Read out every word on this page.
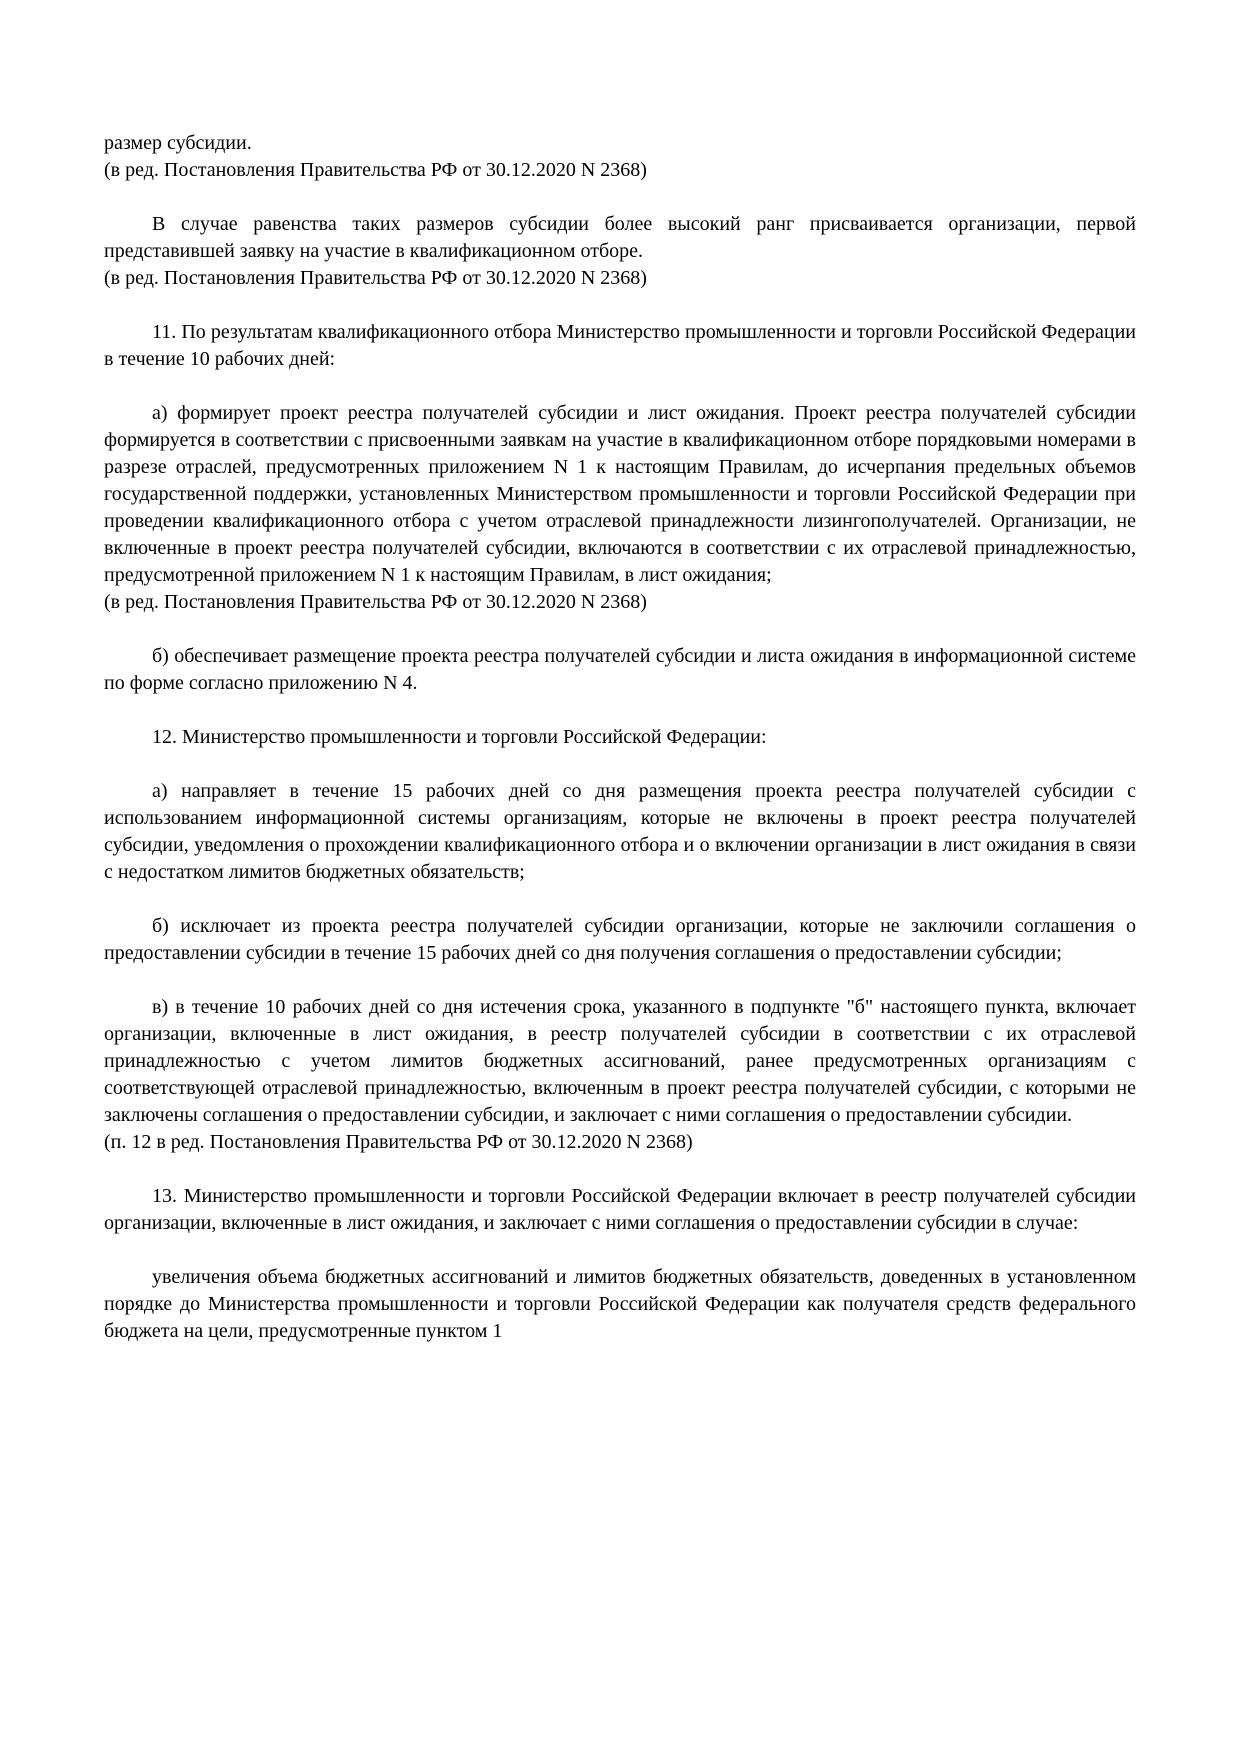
размер субсидии.

(в ред. Постановления Правительства РФ от 30.12.2020 N 2368)

В случае равенства таких размеров субсидии более высокий ранг присваивается организации, первой представившей заявку на участие в квалификационном отборе.

(в ред. Постановления Правительства РФ от 30.12.2020 N 2368)

11. По результатам квалификационного отбора Министерство промышленности и торговли Российской Федерации в течение 10 рабочих дней:

а) формирует проект реестра получателей субсидии и лист ожидания. Проект реестра получателей субсидии формируется в соответствии с присвоенными заявкам на участие в квалификационном отборе порядковыми номерами в разрезе отраслей, предусмотренных приложением N 1 к настоящим Правилам, до исчерпания предельных объемов государственной поддержки, установленных Министерством промышленности и торговли Российской Федерации при проведении квалификационного отбора с учетом отраслевой принадлежности лизингополучателей. Организации, не включенные в проект реестра получателей субсидии, включаются в соответствии с их отраслевой принадлежностью, предусмотренной приложением N 1 к настоящим Правилам, в лист ожидания;

(в ред. Постановления Правительства РФ от 30.12.2020 N 2368)

б) обеспечивает размещение проекта реестра получателей субсидии и листа ожидания в информационной системе по форме согласно приложению N 4.

12. Министерство промышленности и торговли Российской Федерации:

а) направляет в течение 15 рабочих дней со дня размещения проекта реестра получателей субсидии с использованием информационной системы организациям, которые не включены в проект реестра получателей субсидии, уведомления о прохождении квалификационного отбора и о включении организации в лист ожидания в связи с недостатком лимитов бюджетных обязательств;

б) исключает из проекта реестра получателей субсидии организации, которые не заключили соглашения о предоставлении субсидии в течение 15 рабочих дней со дня получения соглашения о предоставлении субсидии;

в) в течение 10 рабочих дней со дня истечения срока, указанного в подпункте "б" настоящего пункта, включает организации, включенные в лист ожидания, в реестр получателей субсидии в соответствии с их отраслевой принадлежностью с учетом лимитов бюджетных ассигнований, ранее предусмотренных организациям с соответствующей отраслевой принадлежностью, включенным в проект реестра получателей субсидии, с которыми не заключены соглашения о предоставлении субсидии, и заключает с ними соглашения о предоставлении субсидии.

(п. 12 в ред. Постановления Правительства РФ от 30.12.2020 N 2368)

13. Министерство промышленности и торговли Российской Федерации включает в реестр получателей субсидии организации, включенные в лист ожидания, и заключает с ними соглашения о предоставлении субсидии в случае:

увеличения объема бюджетных ассигнований и лимитов бюджетных обязательств, доведенных в установленном порядке до Министерства промышленности и торговли Российской Федерации как получателя средств федерального бюджета на цели, предусмотренные пунктом 1
